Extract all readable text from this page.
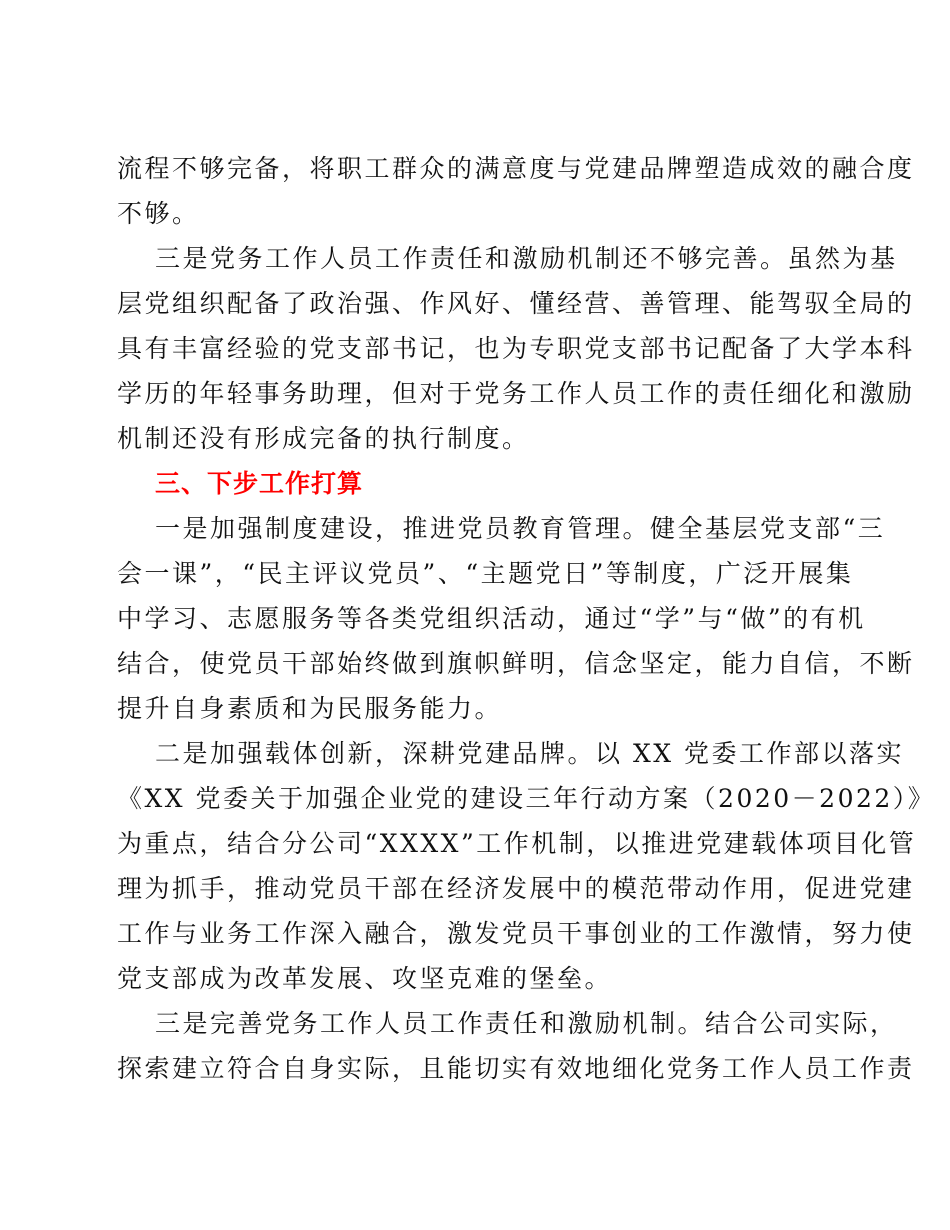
流程不够完备，将职工群众的满意度与党建品牌塑造成效的融合度
不够。

三是党务工作人员工作责任和激励机制还不够完善。虽然为基
层党组织配备了政治强、作风好、懂经营、善管理、能驾驭全局的
具有丰富经验的党支部书记，也为专职党支部书记配备了大学本科
学历的年轻事务助理，但对于党务工作人员工作的责任细化和激励
机制还没有形成完备的执行制度。

三、下步工作打算

一是加强制度建设，推进党员教育管理。健全基层党支部“三
会一课”，“民主评议党员”、“主题党日”等制度，广泛开展集
中学习、志愿服务等各类党组织活动，通过“学”与“做”的有机
结合，使党员干部始终做到旗帜鲜明，信念坚定，能力自信，不断
提升自身素质和为民服务能力。

二是加强载体创新，深耕党建品牌。以 XX 党委工作部以落实
《XX 党委关于加强企业党的建设三年行动方案（2020－2022）》
为重点，结合分公司“XXXX”工作机制，以推进党建载体项目化管
理为抓手，推动党员干部在经济发展中的模范带动作用，促进党建
工作与业务工作深入融合，激发党员干事创业的工作激情，努力使
党支部成为改革发展、攻坚克难的堡垒。

三是完善党务工作人员工作责任和激励机制。结合公司实际，
探索建立符合自身实际，且能切实有效地细化党务工作人员工作责
